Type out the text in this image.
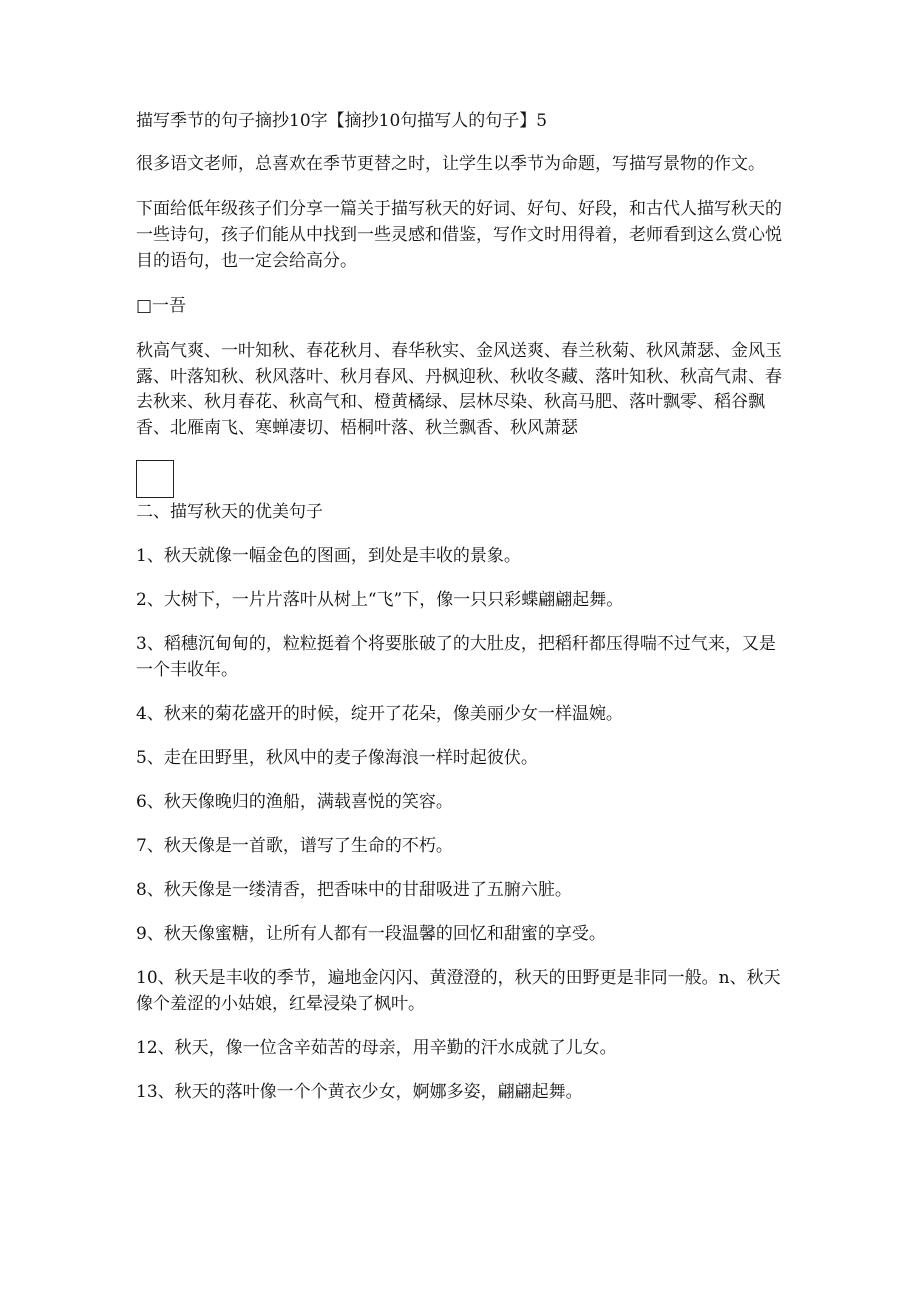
描写季节的句子摘抄10字【摘抄10句描写人的句子】5

很多语文老师，总喜欢在季节更替之时，让学生以季节为命题，写描写景物的作文。

下面给低年级孩子们分享一篇关于描写秋天的好词、好句、好段，和古代人描写秋天的一些诗句，孩子们能从中找到一些灵感和借鉴，写作文时用得着，老师看到这么赏心悦目的语句，也一定会给高分。

□一吾

秋高气爽、一叶知秋、春花秋月、春华秋实、金风送爽、春兰秋菊、秋风萧瑟、金风玉露、叶落知秋、秋风落叶、秋月春风、丹枫迎秋、秋收冬藏、落叶知秋、秋高气肃、春去秋来、秋月春花、秋高气和、橙黄橘绿、层林尽染、秋高马肥、落叶飘零、稻谷飘香、北雁南飞、寒蝉凄切、梧桐叶落、秋兰飘香、秋风萧瑟

二、描写秋天的优美句子

1、秋天就像一幅金色的图画，到处是丰收的景象。

2、大树下，一片片落叶从树上“飞”下，像一只只彩蝶翩翩起舞。

3、稻穗沉甸甸的，粒粒挺着个将要胀破了的大肚皮，把稻秆都压得喘不过气来，又是一个丰收年。

4、秋来的菊花盛开的时候，绽开了花朵，像美丽少女一样温婉。

5、走在田野里，秋风中的麦子像海浪一样时起彼伏。

6、秋天像晚归的渔船，满载喜悦的笑容。

7、秋天像是一首歌，谱写了生命的不朽。

8、秋天像是一缕清香，把香味中的甘甜吸进了五腑六脏。

9、秋天像蜜糖，让所有人都有一段温馨的回忆和甜蜜的享受。

10、秋天是丰收的季节，遍地金闪闪、黄澄澄的，秋天的田野更是非同一般。n、秋天像个羞涩的小姑娘，红晕浸染了枫叶。

12、秋天，像一位含辛茹苦的母亲，用辛勤的汗水成就了儿女。

13、秋天的落叶像一个个黄衣少女，婀娜多姿，翩翩起舞。
